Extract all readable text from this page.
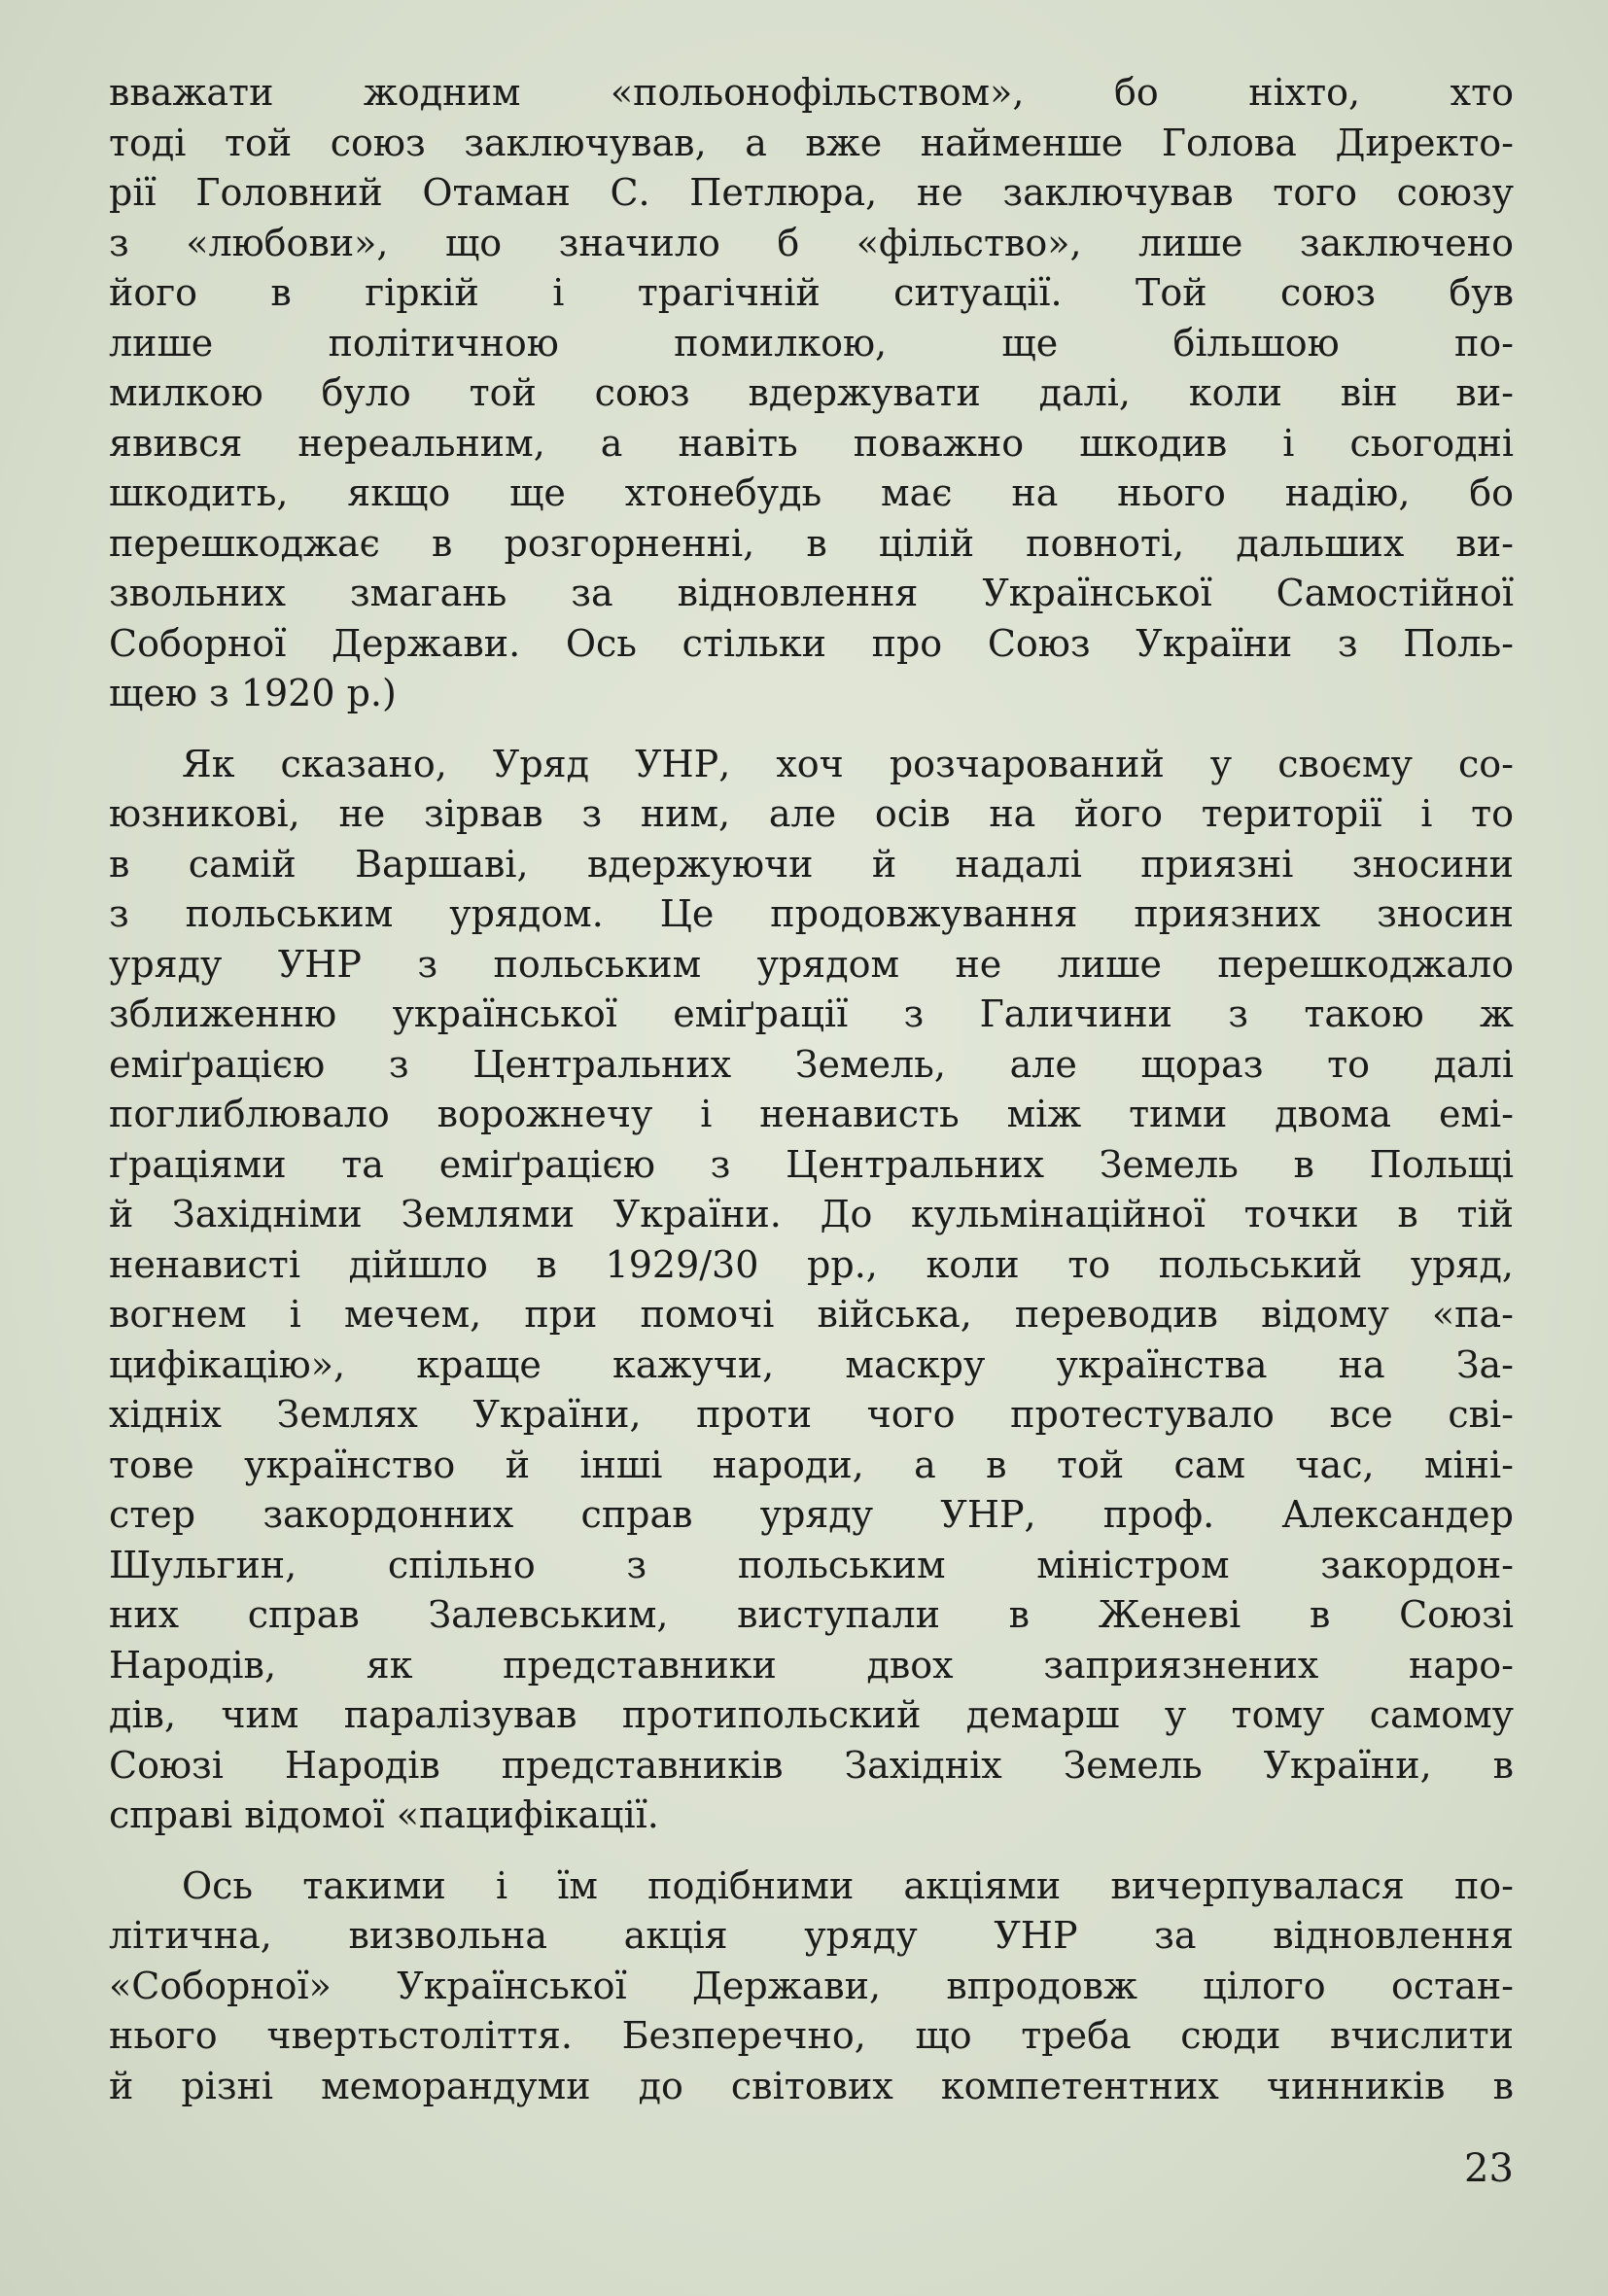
вважати жодним «польонофільством», бо ніхто, хто
тоді той союз заключував, а вже найменше Голова Директо-
рії Головний Отаман С. Петлюра, не заключував того союзу
з «любови», що значило б «фільство», лише заключено
його в гіркій і трагічній ситуації. Той союз був
лише політичною помилкою, ще більшою по-
милкою було той союз вдержувати далі, коли він ви-
явився нереальним, а навіть поважно шкодив і сьогодні
шкодить, якщо ще хтонебудь має на нього надію, бо
перешкоджає в розгорненні, в цілій повноті, дальших ви-
звольних змагань за відновлення Української Самостійної
Соборної Держави. Ось стільки про Союз України з Поль-
щею з 1920 р.)

Як сказано, Уряд УНР, хоч розчарований у своєму со-
юзникові, не зірвав з ним, але осів на його території і то
в самій Варшаві, вдержуючи й надалі приязні зносини
з польським урядом. Це продовжування приязних зносин
уряду УНР з польським урядом не лише перешкоджало
зближенню української еміґрації з Галичини з такою ж
еміґрацією з Центральних Земель, але щораз то далі
поглиблювало ворожнечу і ненависть між тими двома емі-
ґраціями та еміґрацією з Центральних Земель в Польщі
й Західніми Землями України. До кульмінаційної точки в тій
ненависті дійшло в 1929/30 рр., коли то польський уряд,
вогнем і мечем, при помочі війська, переводив відому «па-
цифікацію», краще кажучи, маскру українства на За-
хідніх Землях України, проти чого протестувало все сві-
тове українство й інші народи, а в той сам час, міні-
стер закордонних справ уряду УНР, проф. Александер
Шульгин, спільно з польським міністром закордон-
них справ Залевським, виступали в Женеві в Союзі
Народів, як представники двох заприязнених наро-
дів, чим паралізував протипольский демарш у тому самому
Союзі Народів представників Західніх Земель України, в
справі відомої «пацифікації.

Ось такими і їм подібними акціями вичерпувалася по-
літична, визвольна акція уряду УНР за відновлення
«Соборної» Української Держави, впродовж цілого остан-
нього чвертьстоліття. Безперечно, що треба сюди вчислити
й різні меморандуми до світових компетентних чинників в

23
